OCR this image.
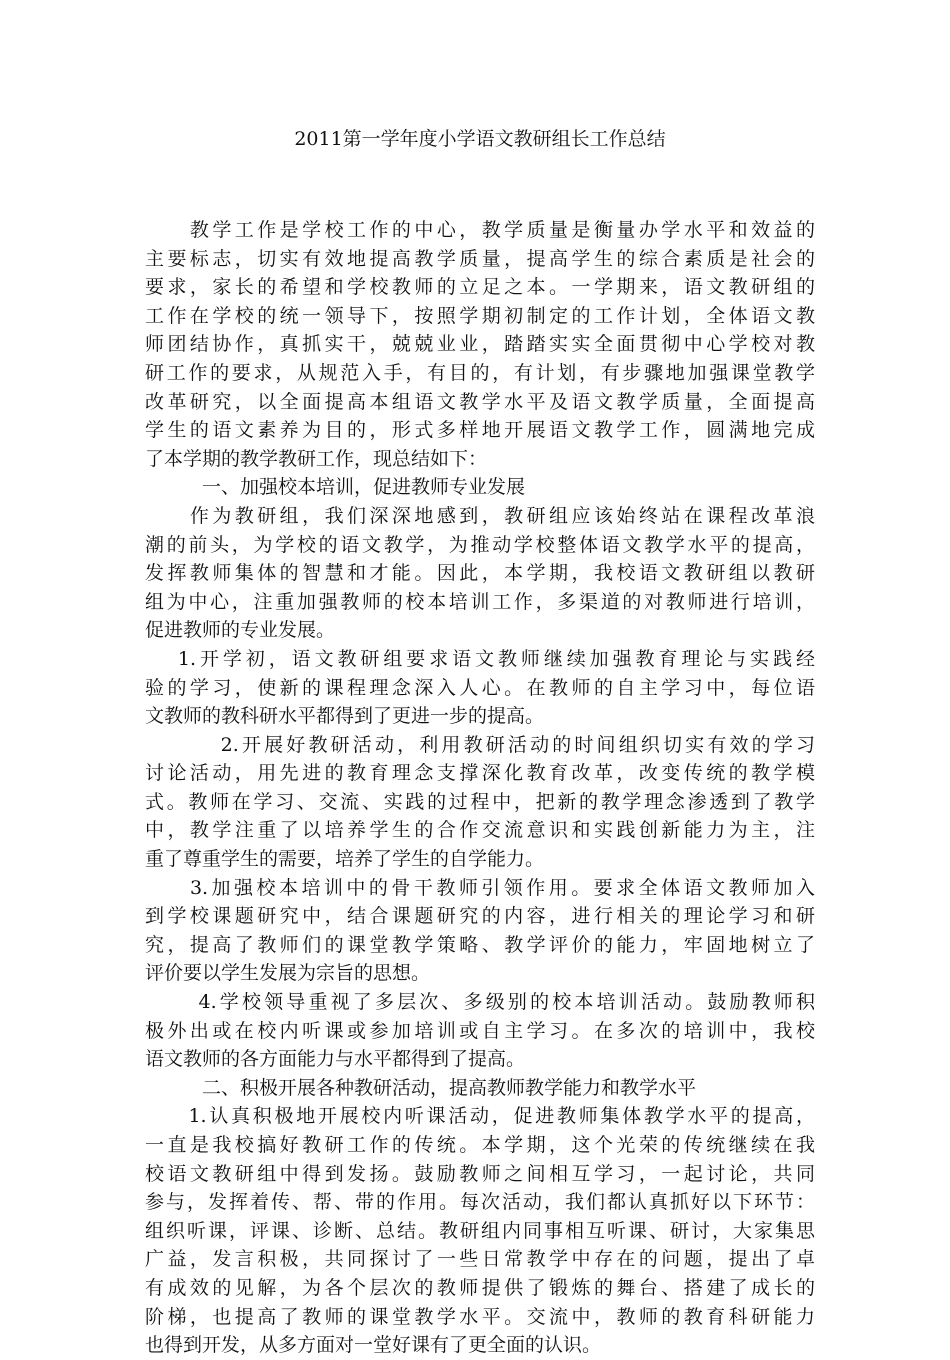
2011第一学年度小学语文教研组长工作总结
　　教学工作是学校工作的中心，教学质量是衡量办学水平和效益的
主要标志，切实有效地提高教学质量，提高学生的综合素质是社会的
要求，家长的希望和学校教师的立足之本。一学期来，语文教研组的
工作在学校的统一领导下，按照学期初制定的工作计划，全体语文教
师团结协作，真抓实干，兢兢业业，踏踏实实全面贯彻中心学校对教
研工作的要求，从规范入手，有目的，有计划，有步骤地加强课堂教学
改革研究，以全面提高本组语文教学水平及语文教学质量，全面提高
学生的语文素养为目的，形式多样地开展语文教学工作，圆满地完成
了本学期的教学教研工作，现总结如下：
　　　一、加强校本培训，促进教师专业发展
　　作为教研组，我们深深地感到，教研组应该始终站在课程改革浪
潮的前头，为学校的语文教学，为推动学校整体语文教学水平的提高，
发挥教师集体的智慧和才能。因此，本学期，我校语文教研组以教研
组为中心，注重加强教师的校本培训工作，多渠道的对教师进行培训，
促进教师的专业发展。
　 1.开学初，语文教研组要求语文教师继续加强教育理论与实践经
验的学习，使新的课程理念深入人心。在教师的自主学习中，每位语
文教师的教科研水平都得到了更进一步的提高。
　　　 2.开展好教研活动，利用教研活动的时间组织切实有效的学习
讨论活动，用先进的教育理念支撑深化教育改革，改变传统的教学模
式。教师在学习、交流、实践的过程中，把新的教学理念渗透到了教学
中，教学注重了以培养学生的合作交流意识和实践创新能力为主，注
重了尊重学生的需要，培养了学生的自学能力。
　　3.加强校本培训中的骨干教师引领作用。要求全体语文教师加入
到学校课题研究中，结合课题研究的内容，进行相关的理论学习和研
究，提高了教师们的课堂教学策略、教学评价的能力，牢固地树立了
评价要以学生发展为宗旨的思想。
　　 4.学校领导重视了多层次、多级别的校本培训活动。鼓励教师积
极外出或在校内听课或参加培训或自主学习。在多次的培训中，我校
语文教师的各方面能力与水平都得到了提高。
　　　二、积极开展各种教研活动，提高教师教学能力和教学水平
　　1.认真积极地开展校内听课活动，促进教师集体教学水平的提高，
一直是我校搞好教研工作的传统。本学期，这个光荣的传统继续在我
校语文教研组中得到发扬。鼓励教师之间相互学习，一起讨论，共同
参与，发挥着传、帮、带的作用。每次活动，我们都认真抓好以下环节：
组织听课，评课、诊断、总结。教研组内同事相互听课、研讨，大家集思
广益，发言积极，共同探讨了一些日常教学中存在的问题，提出了卓
有成效的见解，为各个层次的教师提供了锻炼的舞台、搭建了成长的
阶梯，也提高了教师的课堂教学水平。交流中，教师的教育科研能力
也得到开发，从多方面对一堂好课有了更全面的认识。
